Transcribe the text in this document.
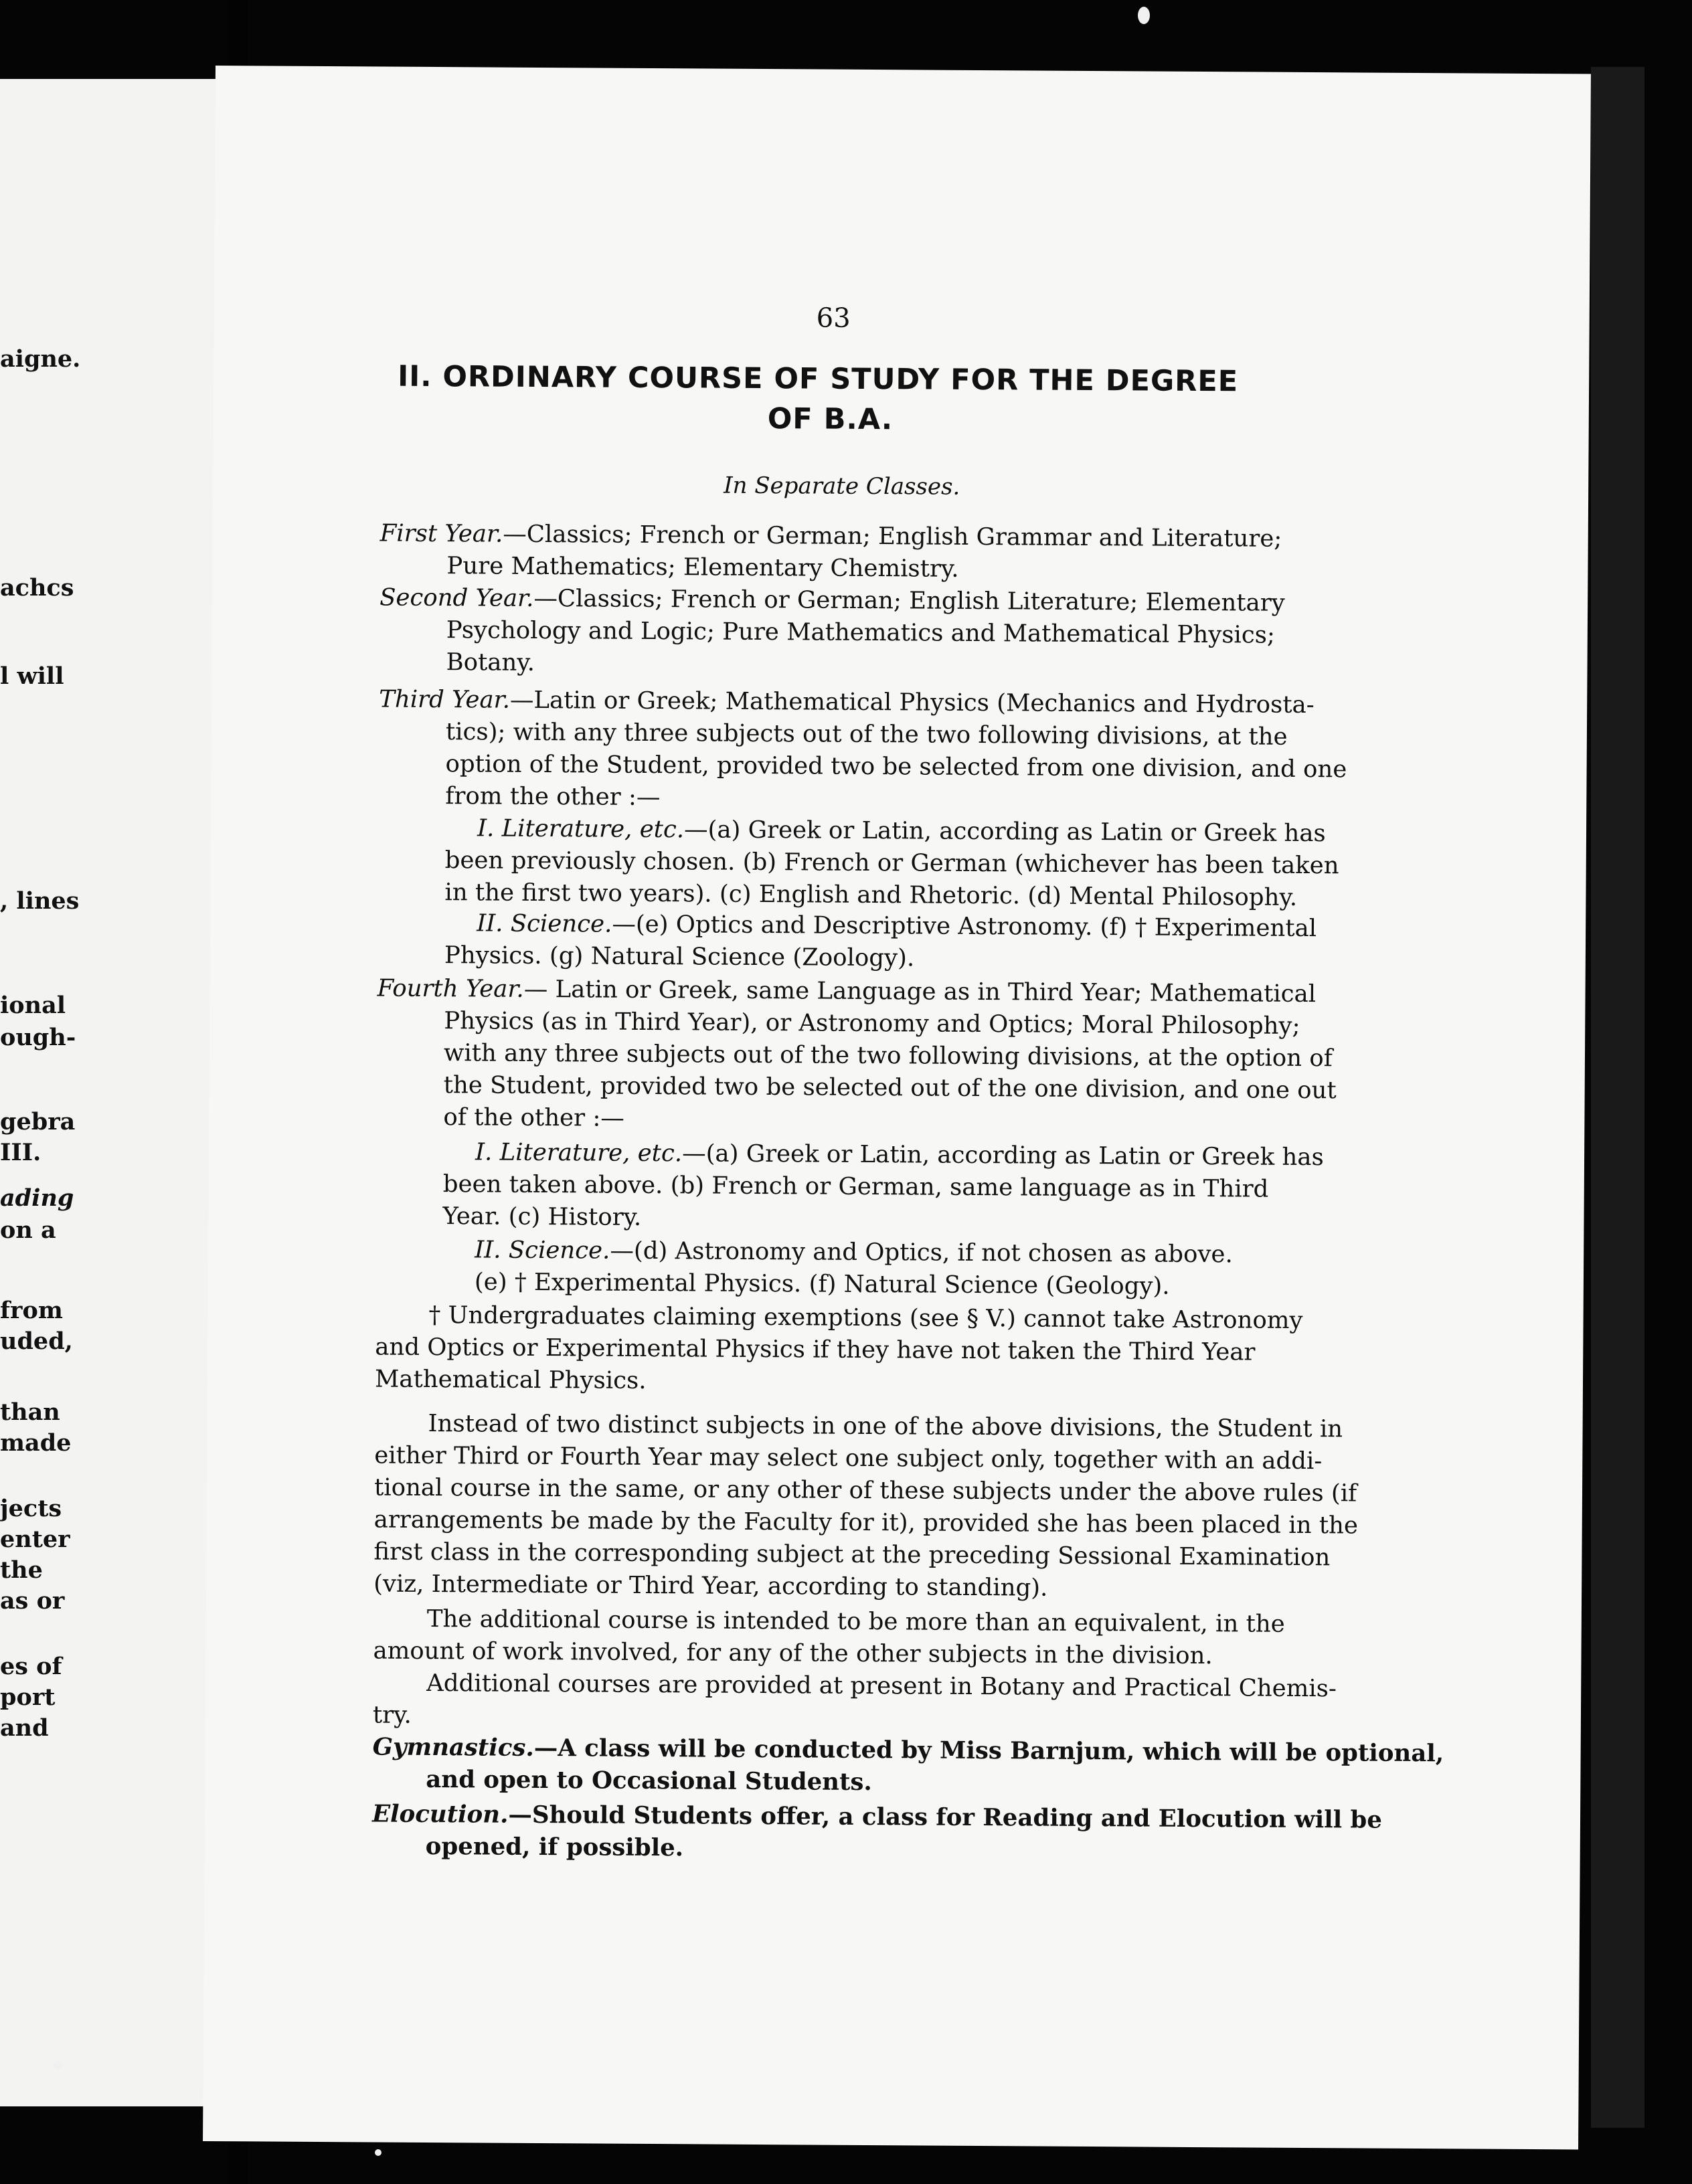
aigne.
achcs
l will
, lines
ional
ough-
gebra
III.
ading
on a
from
uded,
than
made
jects
enter
the
as or
es of
port
and
63
II. ORDINARY COURSE OF STUDY FOR THE DEGREE
OF B.A.
In Separate Classes.
First Year.—Classics; French or German; English Grammar and Literature;
Pure Mathematics; Elementary Chemistry.
Second Year.—Classics; French or German; English Literature; Elementary
Psychology and Logic; Pure Mathematics and Mathematical Physics;
Botany.
Third Year.—Latin or Greek; Mathematical Physics (Mechanics and Hydrosta-
tics); with any three subjects out of the two following divisions, at the
option of the Student, provided two be selected from one division, and one
from the other :—
I. Literature, etc.—(a) Greek or Latin, according as Latin or Greek has
been previously chosen. (b) French or German (whichever has been taken
in the first two years). (c) English and Rhetoric. (d) Mental Philosophy.
II. Science.—(e) Optics and Descriptive Astronomy. (f) † Experimental
Physics. (g) Natural Science (Zoology).
Fourth Year.— Latin or Greek, same Language as in Third Year; Mathematical
Physics (as in Third Year), or Astronomy and Optics; Moral Philosophy;
with any three subjects out of the two following divisions, at the option of
the Student, provided two be selected out of the one division, and one out
of the other :—
I. Literature, etc.—(a) Greek or Latin, according as Latin or Greek has
been taken above. (b) French or German, same language as in Third
Year. (c) History.
II. Science.—(d) Astronomy and Optics, if not chosen as above.
(e) † Experimental Physics. (f) Natural Science (Geology).
† Undergraduates claiming exemptions (see § V.) cannot take Astronomy
and Optics or Experimental Physics if they have not taken the Third Year
Mathematical Physics.
Instead of two distinct subjects in one of the above divisions, the Student in
either Third or Fourth Year may select one subject only, together with an addi-
tional course in the same, or any other of these subjects under the above rules (if
arrangements be made by the Faculty for it), provided she has been placed in the
first class in the corresponding subject at the preceding Sessional Examination
(viz, Intermediate or Third Year, according to standing).
The additional course is intended to be more than an equivalent, in the
amount of work involved, for any of the other subjects in the division.
Additional courses are provided at present in Botany and Practical Chemis-
try.
Gymnastics.—A class will be conducted by Miss Barnjum, which will be optional,
and open to Occasional Students.
Elocution.—Should Students offer, a class for Reading and Elocution will be
opened, if possible.
